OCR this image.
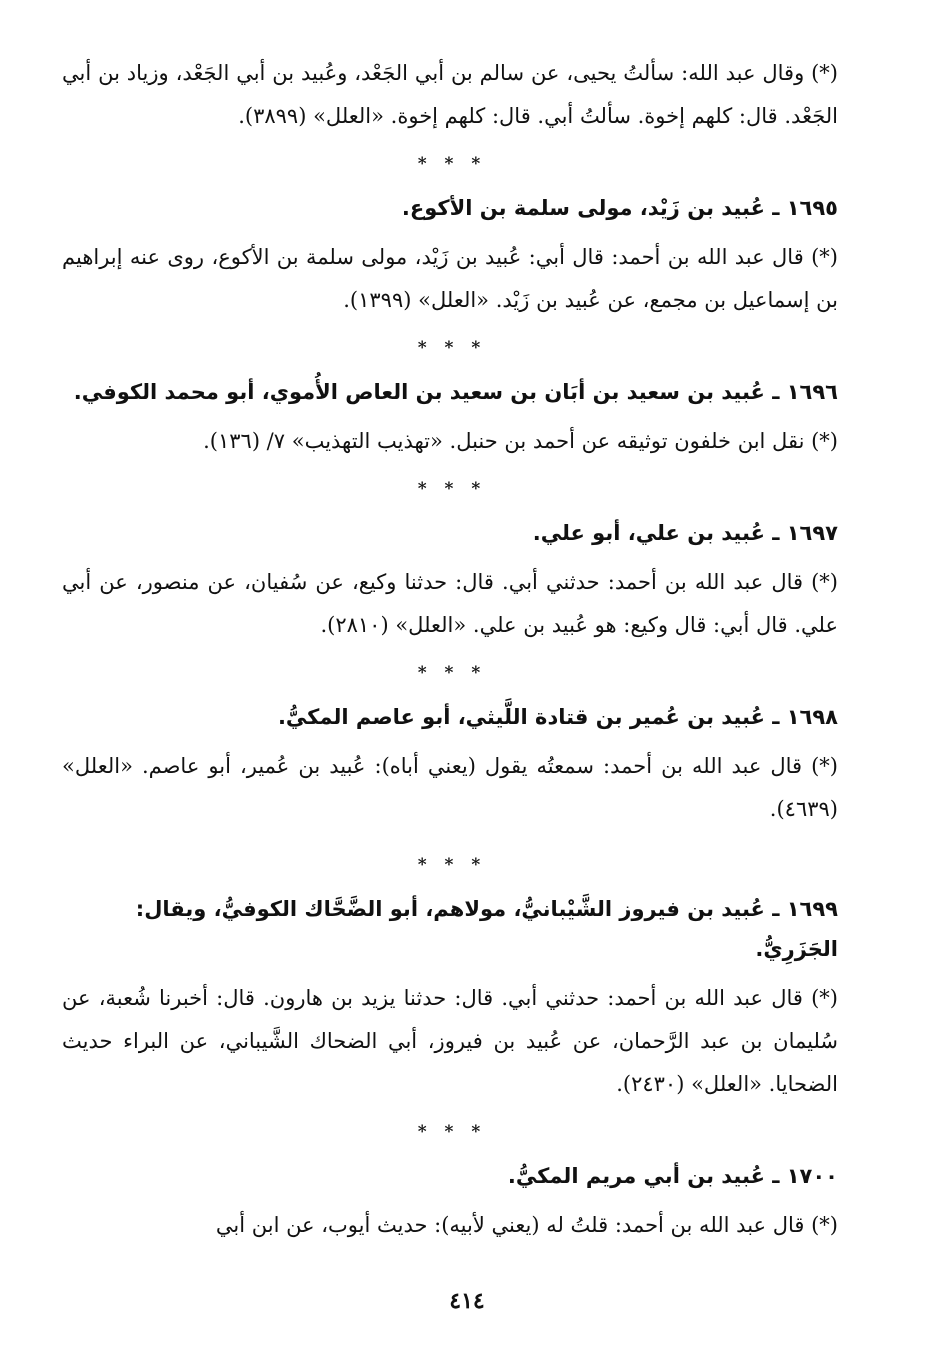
(*) وقال عبد الله: سألتُ يحيى، عن سالم بن أبي الجَعْد، وعُبيد بن أبي الجَعْد، وزياد بن أبي الجَعْد. قال: كلهم إخوة. سألتُ أبي. قال: كلهم إخوة. «العلل» (٣٨٩٩).

* * *
١٦٩٥ ـ عُبيد بن زَيْد، مولى سلمة بن الأكوع.

(*) قال عبد الله بن أحمد: قال أبي: عُبيد بن زَيْد، مولى سلمة بن الأكوع، روى عنه إبراهيم بن إسماعيل بن مجمع، عن عُبيد بن زَيْد. «العلل» (١٣٩٩).

* * *
١٦٩٦ ـ عُبيد بن سعيد بن أبَان بن سعيد بن العاص الأُموي، أبو محمد الكوفي.

(*) نقل ابن خلفون توثيقه عن أحمد بن حنبل. «تهذيب التهذيب» ٧/ (١٣٦).

* * *
١٦٩٧ ـ عُبيد بن علي، أبو علي.

(*) قال عبد الله بن أحمد: حدثني أبي. قال: حدثنا وكيع، عن سُفيان، عن منصور، عن أبي علي. قال أبي: قال وكيع: هو عُبيد بن علي. «العلل» (٢٨١٠).

* * *
١٦٩٨ ـ عُبيد بن عُمير بن قتادة اللَّيثي، أبو عاصم المكيُّ.

(*) قال عبد الله بن أحمد: سمعتُه يقول (يعني أباه): عُبيد بن عُمير، أبو عاصم. «العلل» (٤٦٣٩).

* * *
١٦٩٩ ـ عُبيد بن فيروز الشَّيْبانيُّ، مولاهم، أبو الضَّحَّاك الكوفيُّ، ويقال: الجَزَرِيُّ.

(*) قال عبد الله بن أحمد: حدثني أبي. قال: حدثنا يزيد بن هارون. قال: أخبرنا شُعبة، عن سُليمان بن عبد الرَّحمان، عن عُبيد بن فيروز، أبي الضحاك الشَّيباني، عن البراء حديث الضحايا. «العلل» (٢٤٣٠).

* * *
١٧٠٠ ـ عُبيد بن أبي مريم المكيُّ.

(*) قال عبد الله بن أحمد: قلتُ له (يعني لأبيه): حديث أيوب، عن ابن أبي

٤١٤
